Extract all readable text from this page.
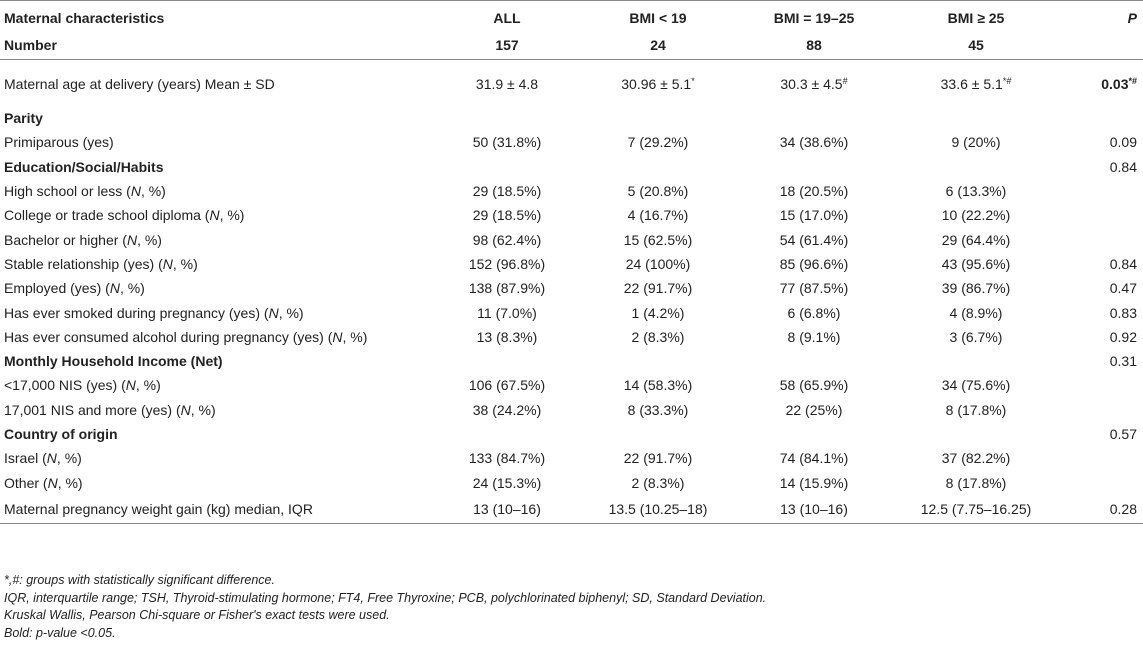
Maternal characteristics	ALL	BMI < 19	BMI = 19–25	BMI ≥ 25	P
Number	157	24	88	45	
Maternal age at delivery (years) Mean ± SD	31.9 ± 4.8	30.96 ± 5.1*	30.3 ± 4.5#	33.6 ± 5.1*#	0.03*#
Parity					
Primiparous (yes)	50 (31.8%)	7 (29.2%)	34 (38.6%)	9 (20%)	0.09
Education/Social/Habits					0.84
High school or less (N, %)	29 (18.5%)	5 (20.8%)	18 (20.5%)	6 (13.3%)	
College or trade school diploma (N, %)	29 (18.5%)	4 (16.7%)	15 (17.0%)	10 (22.2%)	
Bachelor or higher (N, %)	98 (62.4%)	15 (62.5%)	54 (61.4%)	29 (64.4%)	
Stable relationship (yes) (N, %)	152 (96.8%)	24 (100%)	85 (96.6%)	43 (95.6%)	0.84
Employed (yes) (N, %)	138 (87.9%)	22 (91.7%)	77 (87.5%)	39 (86.7%)	0.47
Has ever smoked during pregnancy (yes) (N, %)	11 (7.0%)	1 (4.2%)	6 (6.8%)	4 (8.9%)	0.83
Has ever consumed alcohol during pregnancy (yes) (N, %)	13 (8.3%)	2 (8.3%)	8 (9.1%)	3 (6.7%)	0.92
Monthly Household Income (Net)					0.31
<17,000 NIS (yes) (N, %)	106 (67.5%)	14 (58.3%)	58 (65.9%)	34 (75.6%)	
17,001 NIS and more (yes) (N, %)	38 (24.2%)	8 (33.3%)	22 (25%)	8 (17.8%)	
Country of origin					0.57
Israel (N, %)	133 (84.7%)	22 (91.7%)	74 (84.1%)	37 (82.2%)	
Other (N, %)	24 (15.3%)	2 (8.3%)	14 (15.9%)	8 (17.8%)	
Maternal pregnancy weight gain (kg) median, IQR	13 (10–16)	13.5 (10.25–18)	13 (10–16)	12.5 (7.75–16.25)	0.28
*,#: groups with statistically significant difference.
IQR, interquartile range; TSH, Thyroid-stimulating hormone; FT4, Free Thyroxine; PCB, polychlorinated biphenyl; SD, Standard Deviation.
Kruskal Wallis, Pearson Chi-square or Fisher's exact tests were used.
Bold: p-value <0.05.
